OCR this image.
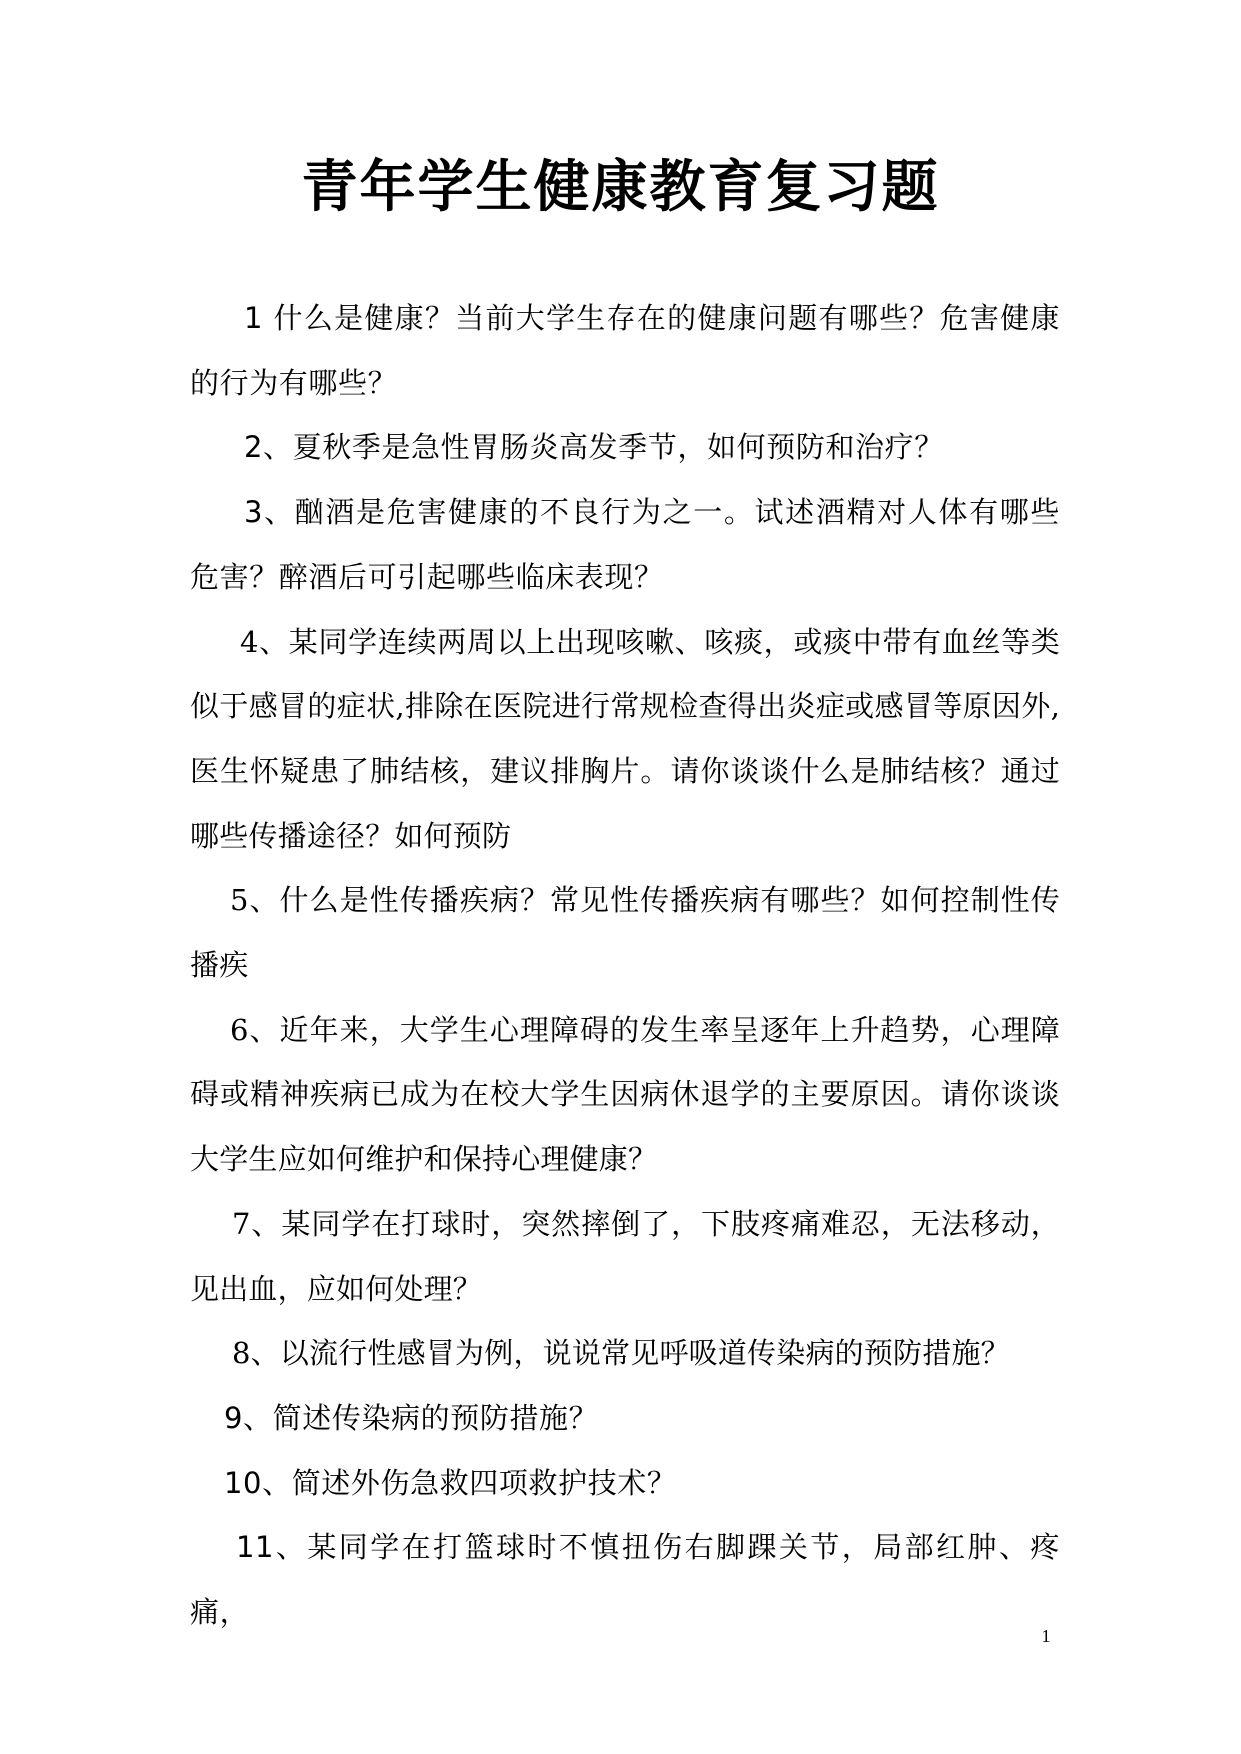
青年学生健康教育复习题

1 什么是健康？当前大学生存在的健康问题有哪些？危害健康的行为有哪些？

2、夏秋季是急性胃肠炎高发季节，如何预防和治疗？

3、酗酒是危害健康的不良行为之一。试述酒精对人体有哪些危害？醉酒后可引起哪些临床表现？

4、某同学连续两周以上出现咳嗽、咳痰，或痰中带有血丝等类似于感冒的症状,排除在医院进行常规检查得出炎症或感冒等原因外,医生怀疑患了肺结核，建议排胸片。请你谈谈什么是肺结核？通过哪些传播途径？如何预防

5、什么是性传播疾病？常见性传播疾病有哪些？如何控制性传播疾

6、近年来，大学生心理障碍的发生率呈逐年上升趋势，心理障碍或精神疾病已成为在校大学生因病休退学的主要原因。请你谈谈大学生应如何维护和保持心理健康？

7、某同学在打球时，突然摔倒了，下肢疼痛难忍，无法移动，见出血，应如何处理？

8、以流行性感冒为例，说说常见呼吸道传染病的预防措施？

9、简述传染病的预防措施？

10、简述外伤急救四项救护技术？

11、某同学在打篮球时不慎扭伤右脚踝关节，局部红肿、疼痛，

1
